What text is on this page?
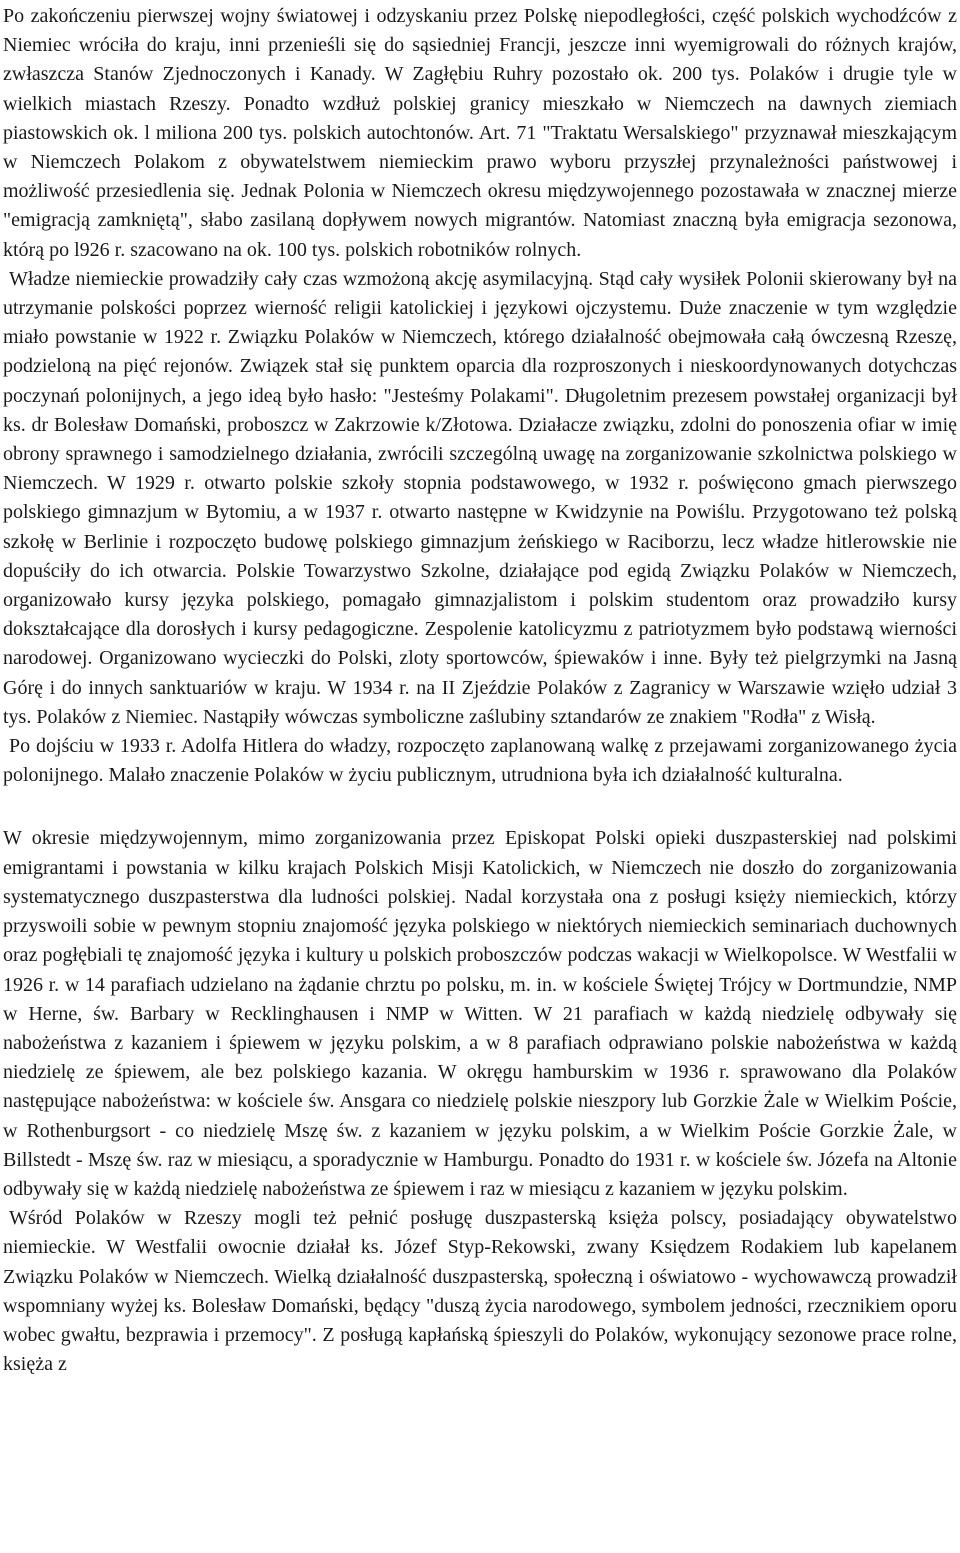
Po zakończeniu pierwszej wojny światowej i odzyskaniu przez Polskę niepodległości, część polskich wychodźców z Niemiec wróciła do kraju, inni przenieśli się do sąsiedniej Francji, jeszcze inni wyemigrowali do różnych krajów, zwłaszcza Stanów Zjednoczonych i Kanady. W Zagłębiu Ruhry pozostało ok. 200 tys. Polaków i drugie tyle w wielkich miastach Rzeszy. Ponadto wzdłuż polskiej granicy mieszkało w Niemczech na dawnych ziemiach piastowskich ok. l miliona 200 tys. polskich autochtonów. Art. 71 "Traktatu Wersalskiego" przyznawał mieszkającym w Niemczech Polakom z obywatelstwem niemieckim prawo wyboru przyszłej przynależności państwowej i możliwość przesiedlenia się. Jednak Polonia w Niemczech okresu międzywojennego pozostawała w znacznej mierze "emigracją zamkniętą", słabo zasilaną dopływem nowych migrantów. Natomiast znaczną była emigracja sezonowa, którą po l926 r. szacowano na ok. 100 tys. polskich robotników rolnych.

Władze niemieckie prowadziły cały czas wzmożoną akcję asymilacyjną. Stąd cały wysiłek Polonii skierowany był na utrzymanie polskości poprzez wierność religii katolickiej i językowi ojczystemu. Duże znaczenie w tym względzie miało powstanie w 1922 r. Związku Polaków w Niemczech, którego działalność obejmowała całą ówczesną Rzeszę, podzieloną na pięć rejonów. Związek stał się punktem oparcia dla rozproszonych i nieskoordynowanych dotychczas poczynań polonijnych, a jego ideą było hasło: "Jesteśmy Polakami". Długoletnim prezesem powstałej organizacji był ks. dr Bolesław Domański, proboszcz w Zakrzowie k/Złotowa. Działacze związku, zdolni do ponoszenia ofiar w imię obrony sprawnego i samodzielnego działania, zwrócili szczególną uwagę na zorganizowanie szkolnictwa polskiego w Niemczech. W 1929 r. otwarto polskie szkoły stopnia podstawowego, w 1932 r. poświęcono gmach pierwszego polskiego gimnazjum w Bytomiu, a w 1937 r. otwarto następne w Kwidzynie na Powiślu. Przygotowano też polską szkołę w Berlinie i rozpoczęto budowę polskiego gimnazjum żeńskiego w Raciborzu, lecz władze hitlerowskie nie dopuściły do ich otwarcia. Polskie Towarzystwo Szkolne, działające pod egidą Związku Polaków w Niemczech, organizowało kursy języka polskiego, pomagało gimnazjalistom i polskim studentom oraz prowadziło kursy dokształcające dla dorosłych i kursy pedagogiczne. Zespolenie katolicyzmu z patriotyzmem było podstawą wierności narodowej. Organizowano wycieczki do Polski, zloty sportowców, śpiewaków i inne. Były też pielgrzymki na Jasną Górę i do innych sanktuariów w kraju. W 1934 r. na II Zjeździe Polaków z Zagranicy w Warszawie wzięło udział 3 tys. Polaków z Niemiec. Nastąpiły wówczas symboliczne zaślubiny sztandarów ze znakiem "Rodła" z Wisłą.

Po dojściu w 1933 r. Adolfa Hitlera do władzy, rozpoczęto zaplanowaną walkę z przejawami zorganizowanego życia polonijnego. Malało znaczenie Polaków w życiu publicznym, utrudniona była ich działalność kulturalna.

W okresie międzywojennym, mimo zorganizowania przez Episkopat Polski opieki duszpasterskiej nad polskimi emigrantami i powstania w kilku krajach Polskich Misji Katolickich, w Niemczech nie doszło do zorganizowania systematycznego duszpasterstwa dla ludności polskiej. Nadal korzystała ona z posługi księży niemieckich, którzy przyswoili sobie w pewnym stopniu znajomość języka polskiego w niektórych niemieckich seminariach duchownych oraz pogłębiali tę znajomość języka i kultury u polskich proboszczów podczas wakacji w Wielkopolsce. W Westfalii w 1926 r. w 14 parafiach udzielano na żądanie chrztu po polsku, m. in. w kościele Świętej Trójcy w Dortmundzie, NMP w Herne, św. Barbary w Recklinghausen i NMP w Witten. W 21 parafiach w każdą niedzielę odbywały się nabożeństwa z kazaniem i śpiewem w języku polskim, a w 8 parafiach odprawiano polskie nabożeństwa w każdą niedzielę ze śpiewem, ale bez polskiego kazania. W okręgu hamburskim w 1936 r. sprawowano dla Polaków następujące nabożeństwa: w kościele św. Ansgara co niedzielę polskie nieszpory lub Gorzkie Żale w Wielkim Poście, w Rothenburgsort - co niedzielę Mszę św. z kazaniem w języku polskim, a w Wielkim Poście Gorzkie Żale, w Billstedt - Mszę św. raz w miesiącu, a sporadycznie w Hamburgu. Ponadto do 1931 r. w kościele św. Józefa na Altonie odbywały się w każdą niedzielę nabożeństwa ze śpiewem i raz w miesiącu z kazaniem w języku polskim.

Wśród Polaków w Rzeszy mogli też pełnić posługę duszpasterską księża polscy, posiadający obywatelstwo niemieckie. W Westfalii owocnie działał ks. Józef Styp-Rekowski, zwany Księdzem Rodakiem lub kapelanem Związku Polaków w Niemczech. Wielką działalność duszpasterską, społeczną i oświatowo - wychowawczą prowadził wspomniany wyżej ks. Bolesław Domański, będący "duszą życia narodowego, symbolem jedności, rzecznikiem oporu wobec gwałtu, bezprawia i przemocy". Z posługą kapłańską śpieszyli do Polaków, wykonujący sezonowe prace rolne, księża z
